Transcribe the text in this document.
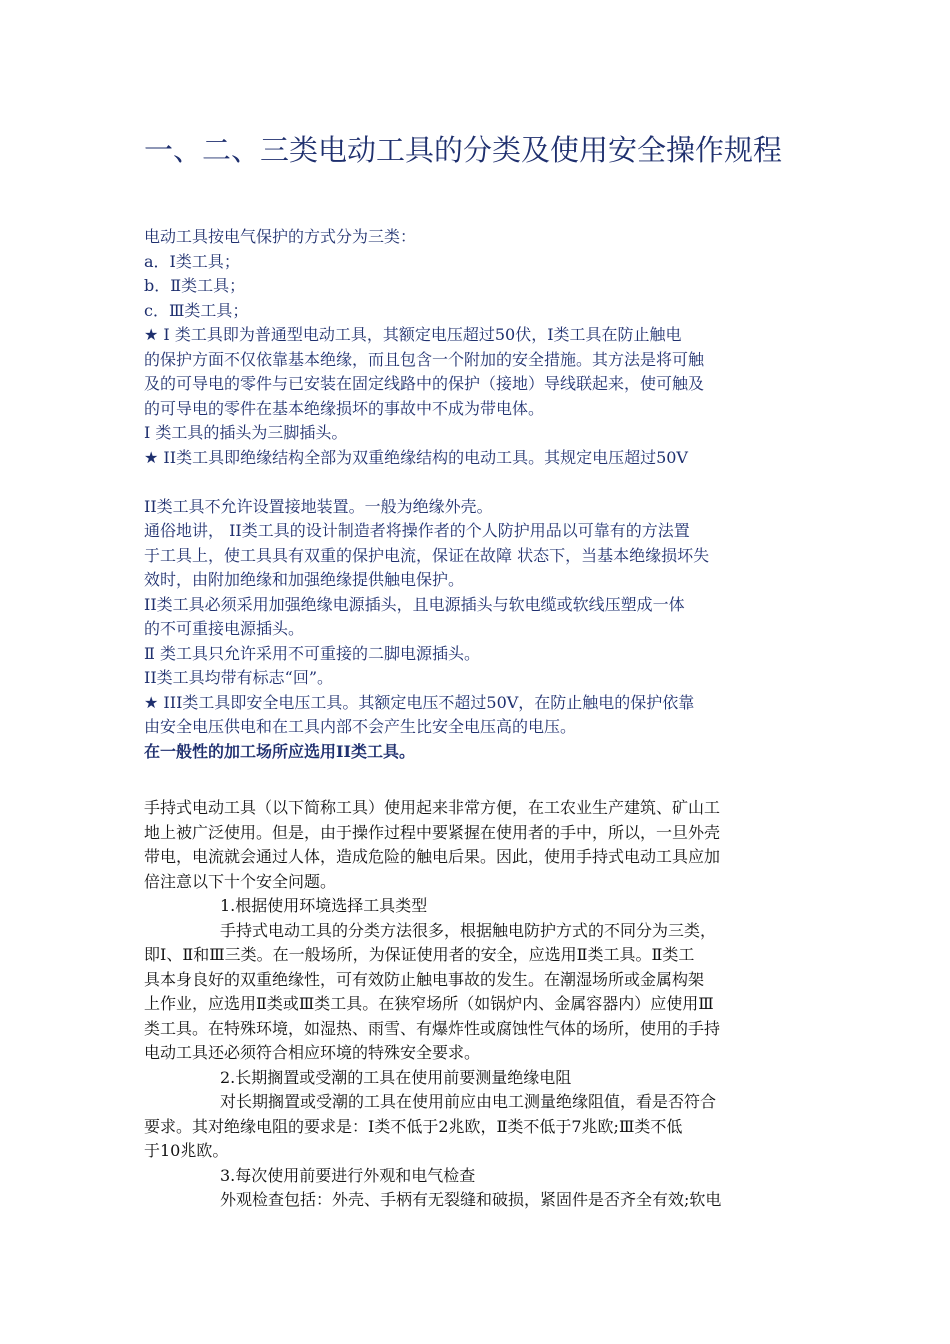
一、二、三类电动工具的分类及使用安全操作规程
电动工具按电气保护的方式分为三类：
a．Ⅰ类工具；
b．Ⅱ类工具；
c．Ⅲ类工具；
★ Ⅰ 类工具即为普通型电动工具，其额定电压超过50伏，Ⅰ类工具在防止触电
的保护方面不仅依靠基本绝缘，而且包含一个附加的安全措施。其方法是将可触
及的可导电的零件与已安装在固定线路中的保护（接地）导线联起来，使可触及
的可导电的零件在基本绝缘损坏的事故中不成为带电体。
Ⅰ 类工具的插头为三脚插头。
★ II类工具即绝缘结构全部为双重绝缘结构的电动工具。其规定电压超过50V
II类工具不允许设置接地装置。一般为绝缘外壳。
通俗地讲， II类工具的设计制造者将操作者的个人防护用品以可靠有的方法置
于工具上，使工具具有双重的保护电流，保证在故障 状态下，当基本绝缘损坏失
效时，由附加绝缘和加强绝缘提供触电保护。
II类工具必须采用加强绝缘电源插头，且电源插头与软电缆或软线压塑成一体
的不可重接电源插头。
Ⅱ 类工具只允许采用不可重接的二脚电源插头。
II类工具均带有标志“回”。
★ III类工具即安全电压工具。其额定电压不超过50V，在防止触电的保护依靠
由安全电压供电和在工具内部不会产生比安全电压高的电压。
在一般性的加工场所应选用II类工具。
手持式电动工具（以下简称工具）使用起来非常方便，在工农业生产建筑、矿山工
地上被广泛使用。但是，由于操作过程中要紧握在使用者的手中，所以，一旦外壳
带电，电流就会通过人体，造成危险的触电后果。因此，使用手持式电动工具应加
倍注意以下十个安全问题。
1.根据使用环境选择工具类型
手持式电动工具的分类方法很多，根据触电防护方式的不同分为三类，
即Ⅰ、Ⅱ和Ⅲ三类。在一般场所，为保证使用者的安全，应选用Ⅱ类工具。Ⅱ类工
具本身良好的双重绝缘性，可有效防止触电事故的发生。在潮湿场所或金属构架
上作业，应选用Ⅱ类或Ⅲ类工具。在狭窄场所（如锅炉内、金属容器内）应使用Ⅲ
类工具。在特殊环境，如湿热、雨雪、有爆炸性或腐蚀性气体的场所，使用的手持
电动工具还必须符合相应环境的特殊安全要求。
2.长期搁置或受潮的工具在使用前要测量绝缘电阻
对长期搁置或受潮的工具在使用前应由电工测量绝缘阻值，看是否符合
要求。其对绝缘电阻的要求是：Ⅰ类不低于2兆欧，Ⅱ类不低于7兆欧;Ⅲ类不低
于10兆欧。
3.每次使用前要进行外观和电气检查
外观检查包括：外壳、手柄有无裂缝和破损，紧固件是否齐全有效;软电
